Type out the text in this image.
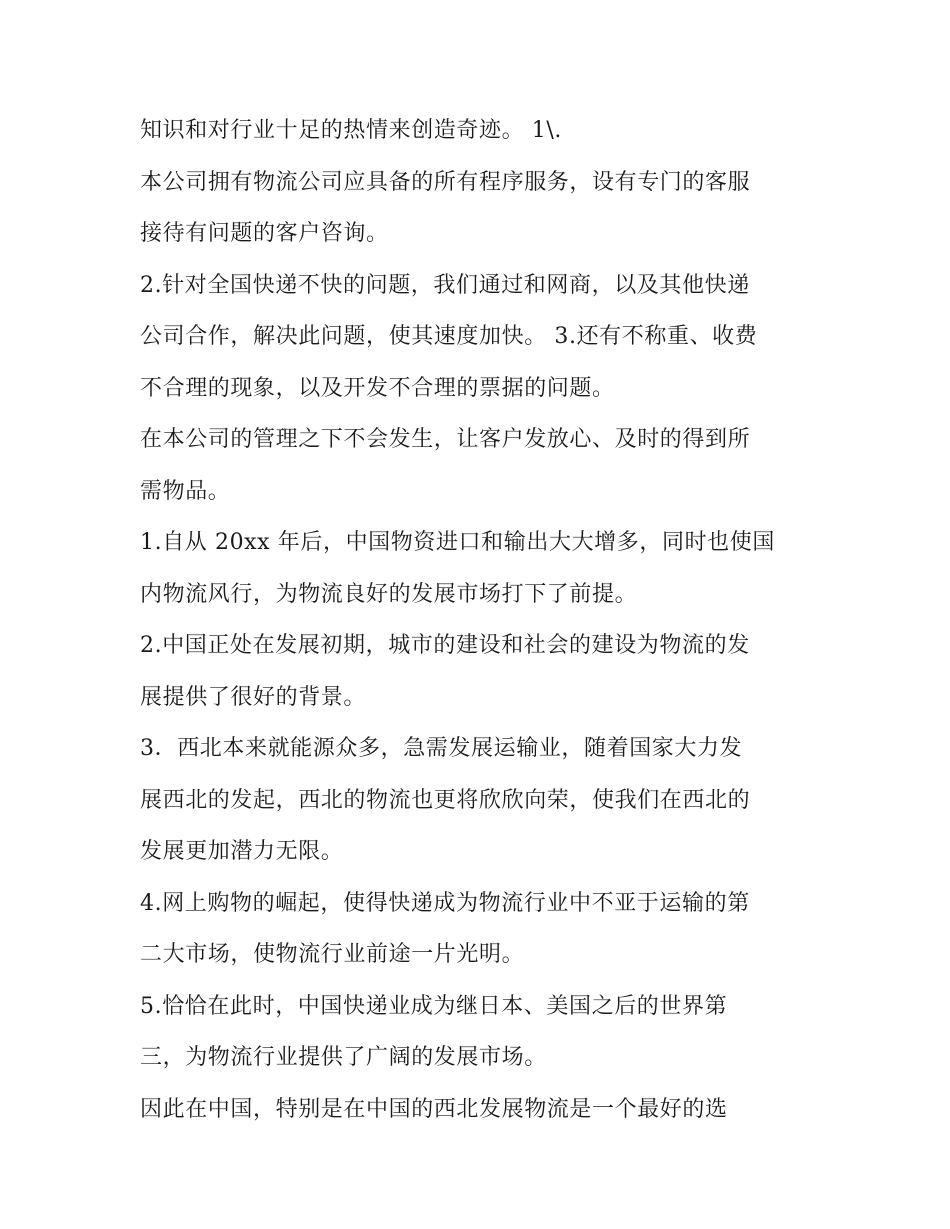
知识和对行业十足的热情来创造奇迹。 1\.
本公司拥有物流公司应具备的所有程序服务，设有专门的客服
接待有问题的客户咨询。
2.针对全国快递不快的问题，我们通过和网商，以及其他快递
公司合作，解决此问题，使其速度加快。 3.还有不称重、收费
不合理的现象，以及开发不合理的票据的问题。
在本公司的管理之下不会发生，让客户发放心、及时的得到所
需物品。
1.自从 20xx 年后，中国物资进口和输出大大增多，同时也使国
内物流风行，为物流良好的发展市场打下了前提。
2.中国正处在发展初期，城市的建设和社会的建设为物流的发
展提供了很好的背景。
3．西北本来就能源众多，急需发展运输业，随着国家大力发
展西北的发起，西北的物流也更将欣欣向荣，使我们在西北的
发展更加潜力无限。
4.网上购物的崛起，使得快递成为物流行业中不亚于运输的第
二大市场，使物流行业前途一片光明。
5.恰恰在此时，中国快递业成为继日本、美国之后的世界第
三，为物流行业提供了广阔的发展市场。
因此在中国，特别是在中国的西北发展物流是一个最好的选
